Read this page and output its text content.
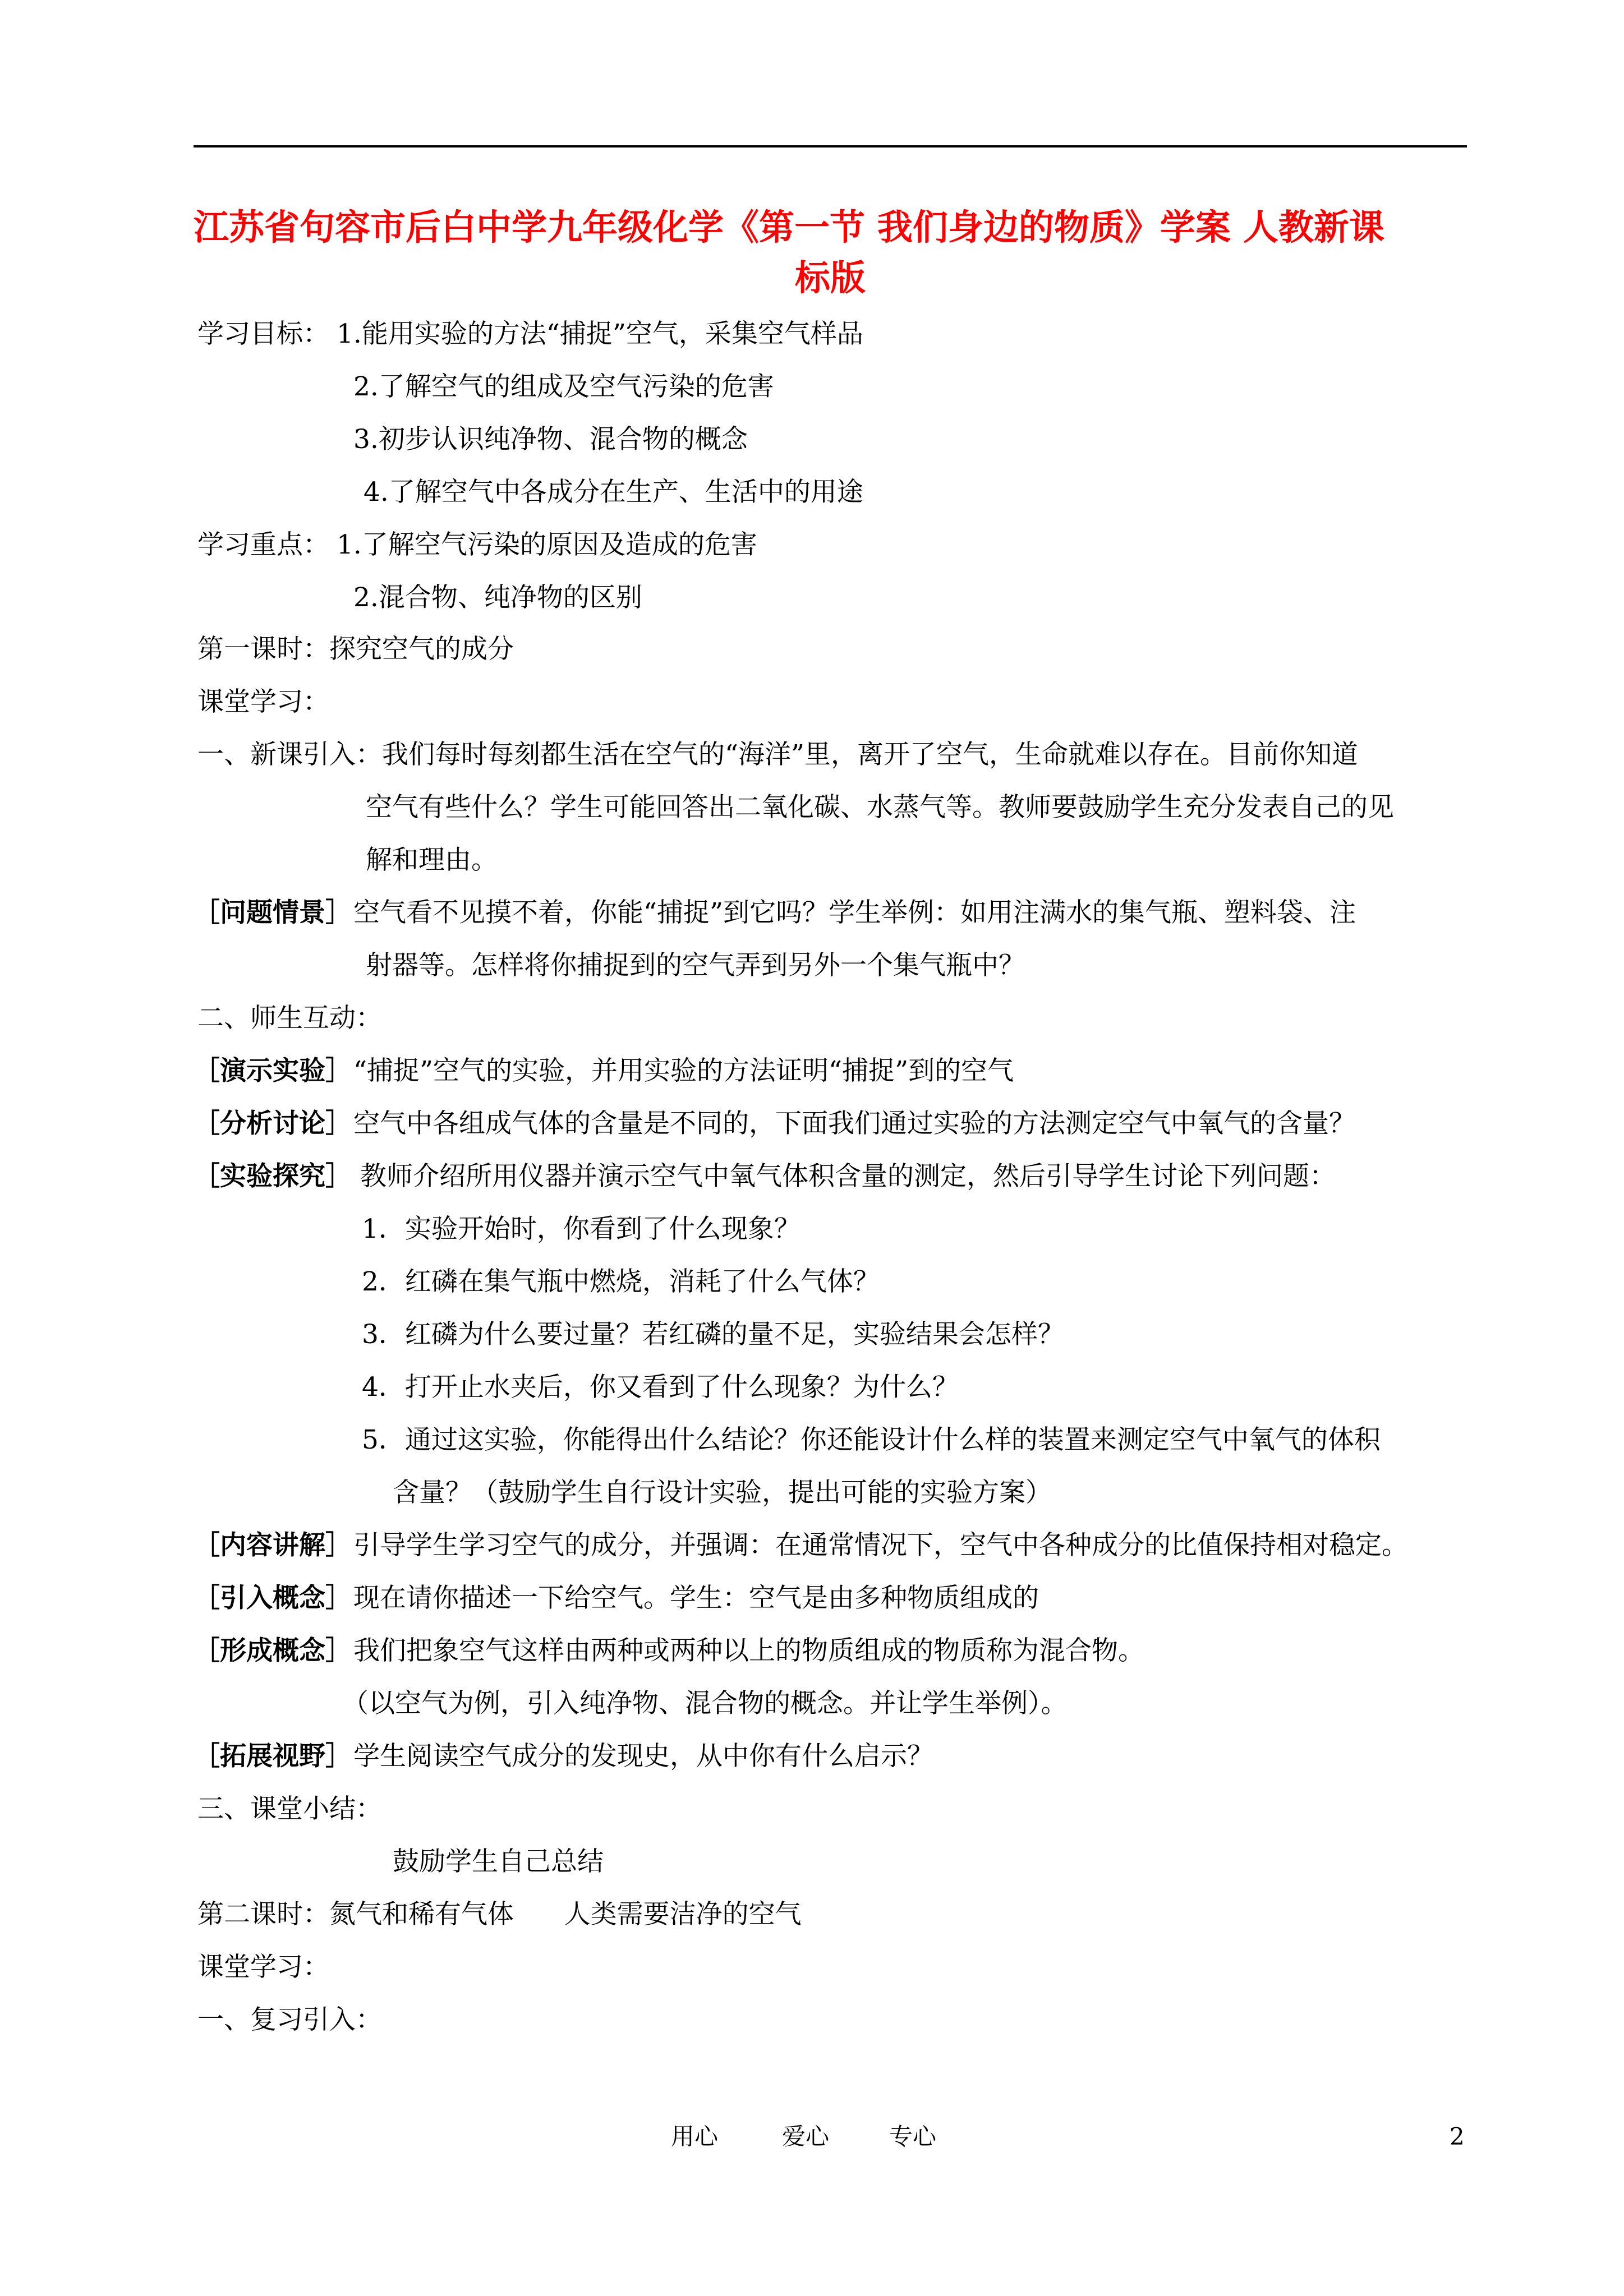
江苏省句容市后白中学九年级化学《第一节 我们身边的物质》学案 人教新课
标版
学习目标： 1.能用实验的方法“捕捉”空气，采集空气样品
2.了解空气的组成及空气污染的危害
3.初步认识纯净物、混合物的概念
4.了解空气中各成分在生产、生活中的用途
学习重点： 1.了解空气污染的原因及造成的危害
2.混合物、纯净物的区别
第一课时：探究空气的成分
课堂学习：
一、新课引入：我们每时每刻都生活在空气的“海洋”里，离开了空气，生命就难以存在。目前你知道
空气有些什么？学生可能回答出二氧化碳、水蒸气等。教师要鼓励学生充分发表自己的见
解和理由。
［问题情景］ 空气看不见摸不着，你能“捕捉”到它吗？学生举例：如用注满水的集气瓶、塑料袋、注
射器等。怎样将你捕捉到的空气弄到另外一个集气瓶中？
二、师生互动：
［演示实验］ “捕捉”空气的实验，并用实验的方法证明“捕捉”到的空气
［分析讨论］ 空气中各组成气体的含量是不同的，下面我们通过实验的方法测定空气中氧气的含量？
［实验探究］ 教师介绍所用仪器并演示空气中氧气体积含量的测定，然后引导学生讨论下列问题：
1．实验开始时，你看到了什么现象？
2．红磷在集气瓶中燃烧，消耗了什么气体？
3．红磷为什么要过量？若红磷的量不足，实验结果会怎样？
4．打开止水夹后，你又看到了什么现象？为什么？
5．通过这实验，你能得出什么结论？你还能设计什么样的装置来测定空气中氧气的体积
含量？（鼓励学生自行设计实验，提出可能的实验方案）
［内容讲解］ 引导学生学习空气的成分，并强调：在通常情况下，空气中各种成分的比值保持相对稳定。
［引入概念］ 现在请你描述一下给空气。学生：空气是由多种物质组成的
［形成概念］ 我们把象空气这样由两种或两种以上的物质组成的物质称为混合物。
（以空气为例，引入纯净物、混合物的概念。并让学生举例）。
［拓展视野］ 学生阅读空气成分的发现史，从中你有什么启示？
三、课堂小结：
鼓励学生自己总结
第二课时：氮气和稀有气体      人类需要洁净的空气
课堂学习：
一、复习引入：
用心	爱心	专心	2
